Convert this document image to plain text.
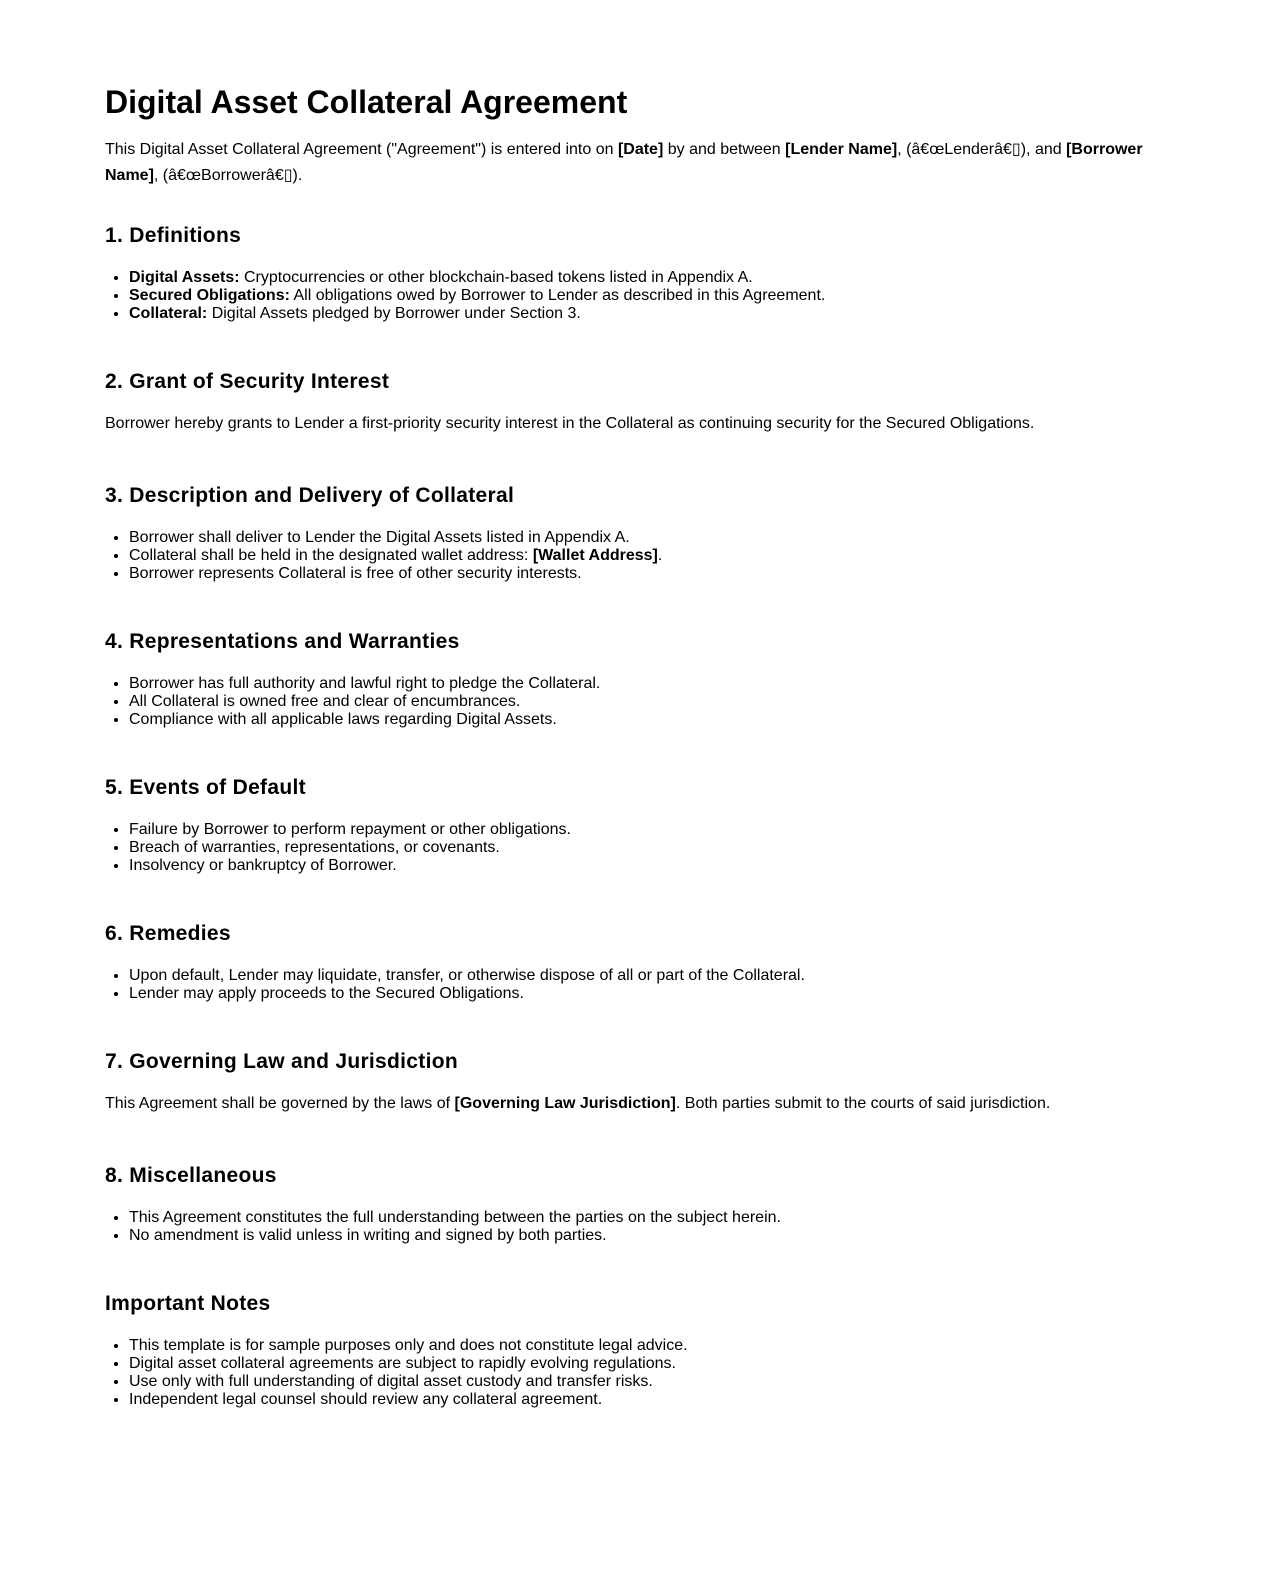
Digital Asset Collateral Agreement

This Digital Asset Collateral Agreement ("Agreement") is entered into on [Date] by and between [Lender Name], (â€œLenderâ€▯), and [Borrower Name], (â€œBorrowerâ€▯).

1. Definitions
• Digital Assets: Cryptocurrencies or other blockchain-based tokens listed in Appendix A.
• Secured Obligations: All obligations owed by Borrower to Lender as described in this Agreement.
• Collateral: Digital Assets pledged by Borrower under Section 3.
2. Grant of Security Interest

Borrower hereby grants to Lender a first-priority security interest in the Collateral as continuing security for the Secured Obligations.

3. Description and Delivery of Collateral
• Borrower shall deliver to Lender the Digital Assets listed in Appendix A.
• Collateral shall be held in the designated wallet address: [Wallet Address].
• Borrower represents Collateral is free of other security interests.
4. Representations and Warranties
• Borrower has full authority and lawful right to pledge the Collateral.
• All Collateral is owned free and clear of encumbrances.
• Compliance with all applicable laws regarding Digital Assets.
5. Events of Default
• Failure by Borrower to perform repayment or other obligations.
• Breach of warranties, representations, or covenants.
• Insolvency or bankruptcy of Borrower.
6. Remedies
• Upon default, Lender may liquidate, transfer, or otherwise dispose of all or part of the Collateral.
• Lender may apply proceeds to the Secured Obligations.
7. Governing Law and Jurisdiction

This Agreement shall be governed by the laws of [Governing Law Jurisdiction]. Both parties submit to the courts of said jurisdiction.

8. Miscellaneous
• This Agreement constitutes the full understanding between the parties on the subject herein.
• No amendment is valid unless in writing and signed by both parties.
Important Notes
• This template is for sample purposes only and does not constitute legal advice.
• Digital asset collateral agreements are subject to rapidly evolving regulations.
• Use only with full understanding of digital asset custody and transfer risks.
• Independent legal counsel should review any collateral agreement.
